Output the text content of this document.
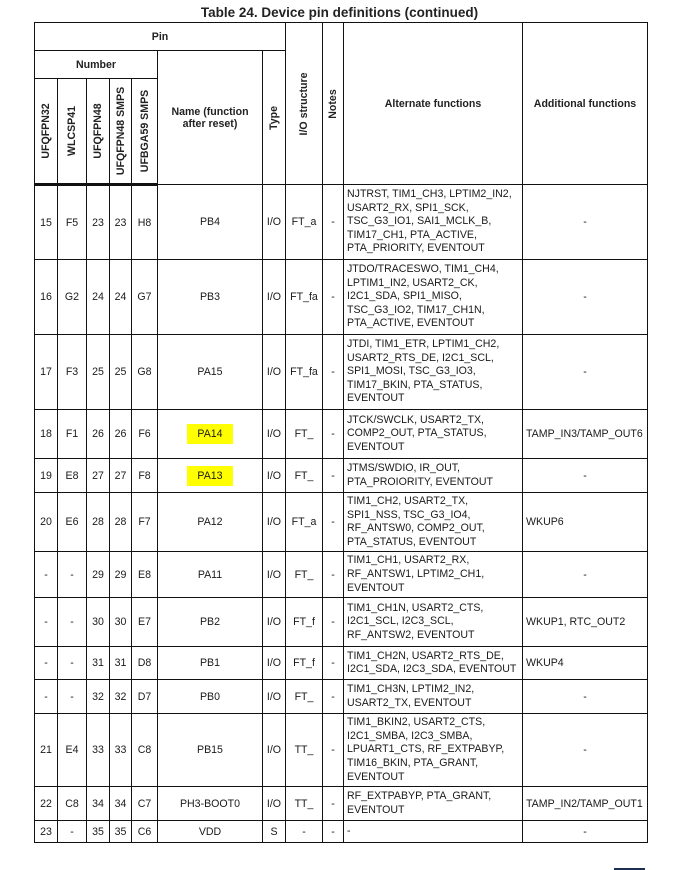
Table 24. Device pin definitions (continued)
Pin							I/O structure	Notes	Alternate functions	Additional functions
Number					Name (function
after reset)	Type				

UFQFPN32	WLCSP41	UFQFPN48	UFQFPN48 SMPS	UFBGA59 SMPS						

15	F5	23	23	H8	PB4	I/O	FT_a	-	NJTRST, TIM1_CH3, LPTIM2_IN2, USART2_RX, SPI1_SCK, TSC_G3_IO1, SAI1_MCLK_B, TIM17_CH1, PTA_ACTIVE, PTA_PRIORITY, EVENTOUT	-
16	G2	24	24	G7	PB3	I/O	FT_fa	-	JTDO/TRACESWO, TIM1_CH4, LPTIM1_IN2, USART2_CK, I2C1_SDA, SPI1_MISO, TSC_G3_IO2, TIM17_CH1N, PTA_ACTIVE, EVENTOUT	-
17	F3	25	25	G8	PA15	I/O	FT_fa	-	JTDI, TIM1_ETR, LPTIM1_CH2, USART2_RTS_DE, I2C1_SCL, SPI1_MOSI, TSC_G3_IO3, TIM17_BKIN, PTA_STATUS, EVENTOUT	-
18	F1	26	26	F6	PA14	I/O	FT_	-	JTCK/SWCLK, USART2_TX, COMP2_OUT, PTA_STATUS, EVENTOUT	TAMP_IN3/TAMP_OUT6
19	E8	27	27	F8	PA13	I/O	FT_	-	JTMS/SWDIO, IR_OUT, PTA_PROIORITY, EVENTOUT	-
20	E6	28	28	F7	PA12	I/O	FT_a	-	TIM1_CH2, USART2_TX, SPI1_NSS, TSC_G3_IO4, RF_ANTSW0, COMP2_OUT, PTA_STATUS, EVENTOUT	WKUP6
-	-	29	29	E8	PA11	I/O	FT_	-	TIM1_CH1, USART2_RX, RF_ANTSW1, LPTIM2_CH1, EVENTOUT	-
-	-	30	30	E7	PB2	I/O	FT_f	-	TIM1_CH1N, USART2_CTS, I2C1_SCL, I2C3_SCL, RF_ANTSW2, EVENTOUT	WKUP1, RTC_OUT2
-	-	31	31	D8	PB1	I/O	FT_f	-	TIM1_CH2N, USART2_RTS_DE, I2C1_SDA, I2C3_SDA, EVENTOUT	WKUP4
-	-	32	32	D7	PB0	I/O	FT_	-	TIM1_CH3N, LPTIM2_IN2, USART2_TX, EVENTOUT	-
21	E4	33	33	C8	PB15	I/O	TT_	-	TIM1_BKIN2, USART2_CTS, I2C1_SMBA, I2C3_SMBA, LPUART1_CTS, RF_EXTPABYP, TIM16_BKIN, PTA_GRANT, EVENTOUT	-
22	C8	34	34	C7	PH3-BOOT0	I/O	TT_	-	RF_EXTPABYP, PTA_GRANT, EVENTOUT	TAMP_IN2/TAMP_OUT1
23	-	35	35	C6	VDD	S	-	-	-	-
